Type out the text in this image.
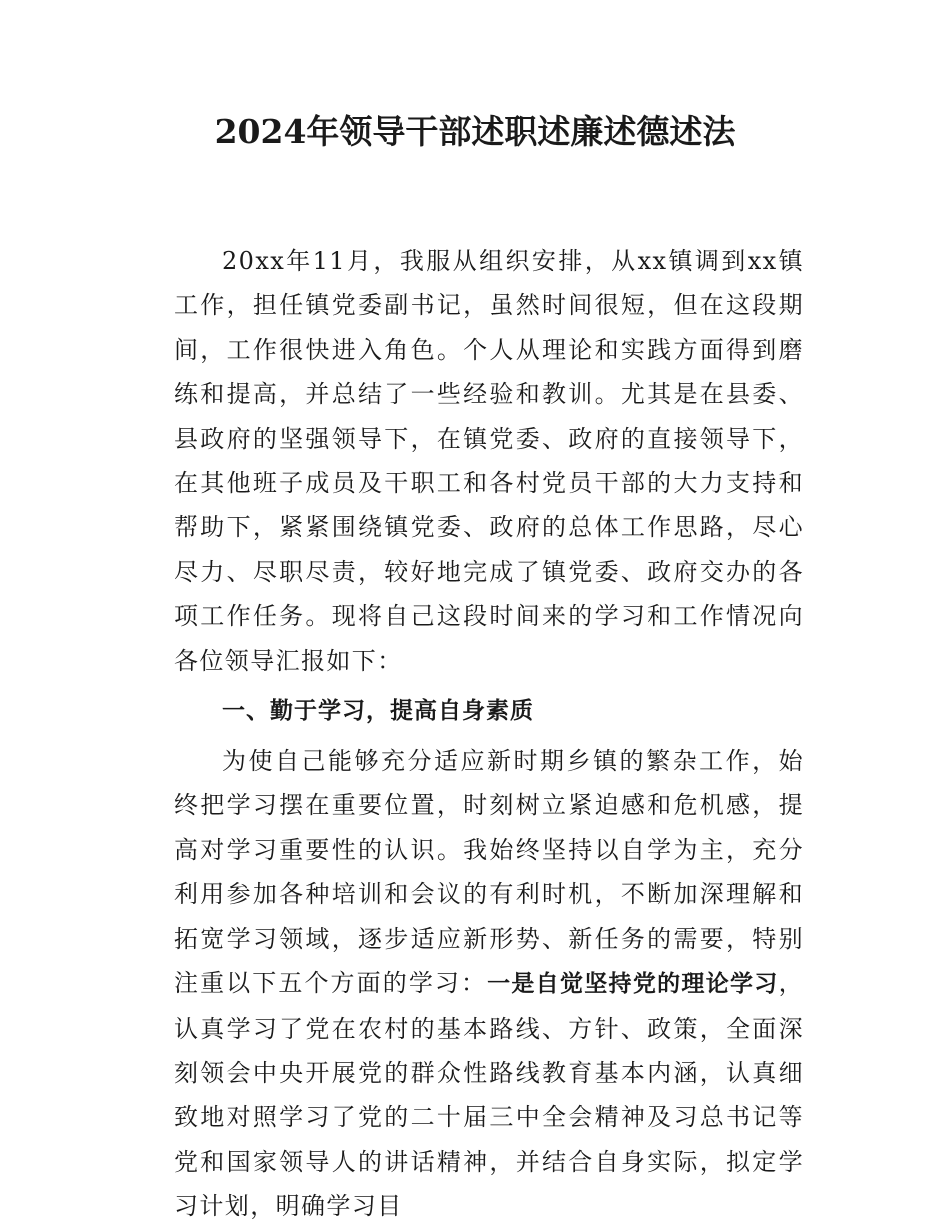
2024年领导干部述职述廉述德述法

20xx年11月，我服从组织安排，从xx镇调到xx镇工作，担任镇党委副书记，虽然时间很短，但在这段期间，工作很快进入角色。个人从理论和实践方面得到磨练和提高，并总结了一些经验和教训。尤其是在县委、县政府的坚强领导下，在镇党委、政府的直接领导下，在其他班子成员及干职工和各村党员干部的大力支持和帮助下，紧紧围绕镇党委、政府的总体工作思路，尽心尽力、尽职尽责，较好地完成了镇党委、政府交办的各项工作任务。现将自己这段时间来的学习和工作情况向各位领导汇报如下：

一、勤于学习，提高自身素质

为使自己能够充分适应新时期乡镇的繁杂工作，始终把学习摆在重要位置，时刻树立紧迫感和危机感，提高对学习重要性的认识。我始终坚持以自学为主，充分利用参加各种培训和会议的有利时机，不断加深理解和拓宽学习领域，逐步适应新形势、新任务的需要，特别注重以下五个方面的学习：一是自觉坚持党的理论学习，认真学习了党在农村的基本路线、方针、政策，全面深刻领会中央开展党的群众性路线教育基本内涵，认真细致地对照学习了党的二十届三中全会精神及习总书记等党和国家领导人的讲话精神，并结合自身实际，拟定学习计划，明确学习目
